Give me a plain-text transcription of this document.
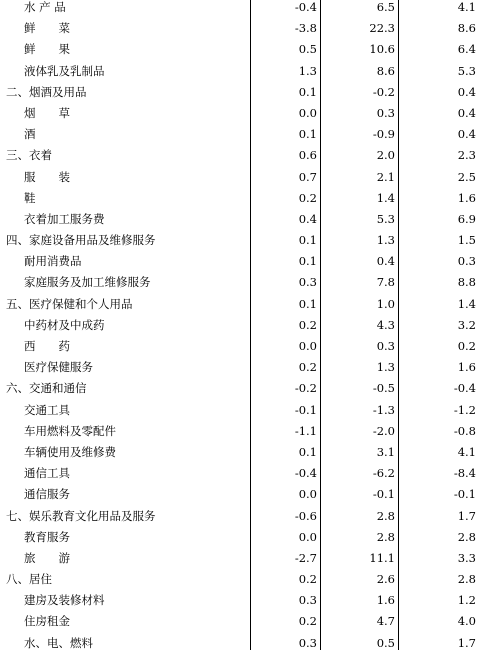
水 产 品	-0.4	6.5	4.1
鲜　　菜	-3.8	22.3	8.6
鲜　　果	0.5	10.6	6.4
液体乳及乳制品	1.3	8.6	5.3
二、烟酒及用品	0.1	-0.2	0.4
烟　　草	0.0	0.3	0.4
酒	0.1	-0.9	0.4
三、衣着	0.6	2.0	2.3
服　　装	0.7	2.1	2.5
鞋	0.2	1.4	1.6
衣着加工服务费	0.4	5.3	6.9
四、家庭设备用品及维修服务	0.1	1.3	1.5
耐用消费品	0.1	0.4	0.3
家庭服务及加工维修服务	0.3	7.8	8.8
五、医疗保健和个人用品	0.1	1.0	1.4
中药材及中成药	0.2	4.3	3.2
西　　药	0.0	0.3	0.2
医疗保健服务	0.2	1.3	1.6
六、交通和通信	-0.2	-0.5	-0.4
交通工具	-0.1	-1.3	-1.2
车用燃料及零配件	-1.1	-2.0	-0.8
车辆使用及维修费	0.1	3.1	4.1
通信工具	-0.4	-6.2	-8.4
通信服务	0.0	-0.1	-0.1
七、娱乐教育文化用品及服务	-0.6	2.8	1.7
教育服务	0.0	2.8	2.8
旅　　游	-2.7	11.1	3.3
八、居住	0.2	2.6	2.8
建房及装修材料	0.3	1.6	1.2
住房租金	0.2	4.7	4.0
水、电、燃料	0.3	0.5	1.7
